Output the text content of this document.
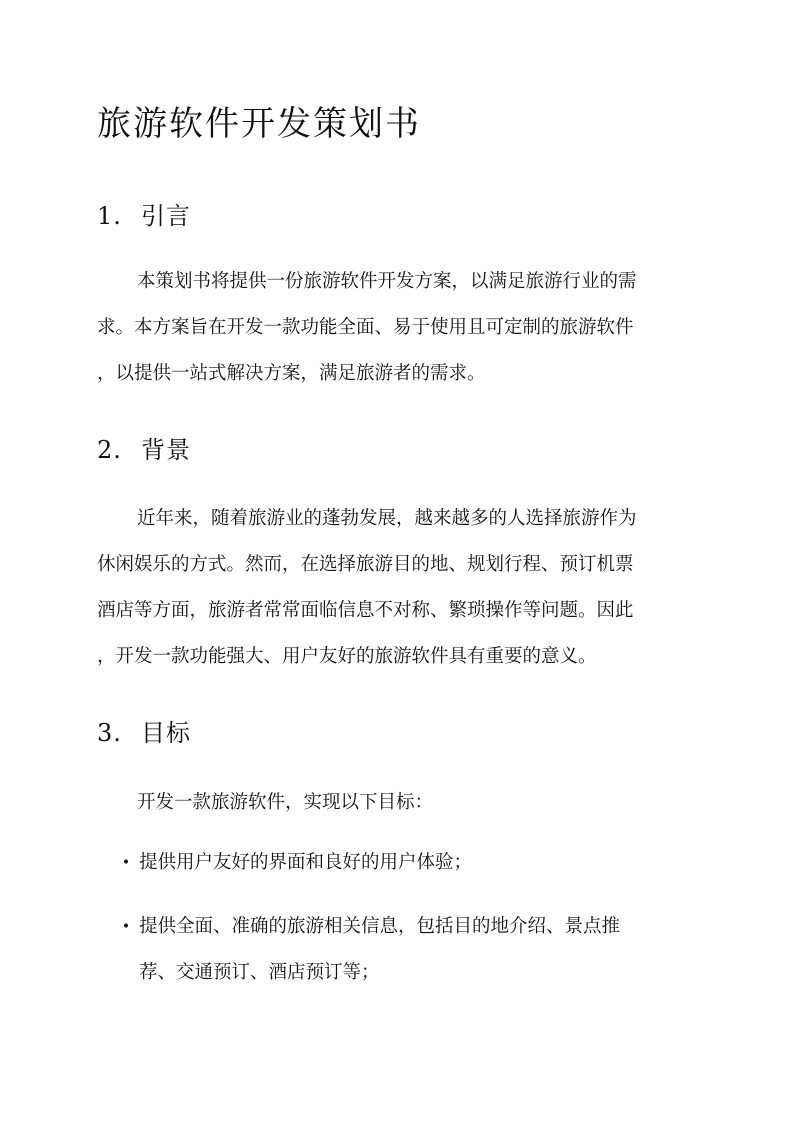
旅游软件开发策划书
1. 引言

本策划书将提供一份旅游软件开发方案，以满足旅游行业的需
求。本方案旨在开发一款功能全面、易于使用且可定制的旅游软件
，以提供一站式解决方案，满足旅游者的需求。

2. 背景

近年来，随着旅游业的蓬勃发展，越来越多的人选择旅游作为
休闲娱乐的方式。然而，在选择旅游目的地、规划行程、预订机票
酒店等方面，旅游者常常面临信息不对称、繁琐操作等问题。因此
，开发一款功能强大、用户友好的旅游软件具有重要的意义。

3. 目标

开发一款旅游软件，实现以下目标：

• 提供用户友好的界面和良好的用户体验；
• 提供全面、准确的旅游相关信息，包括目的地介绍、景点推
荐、交通预订、酒店预订等；
